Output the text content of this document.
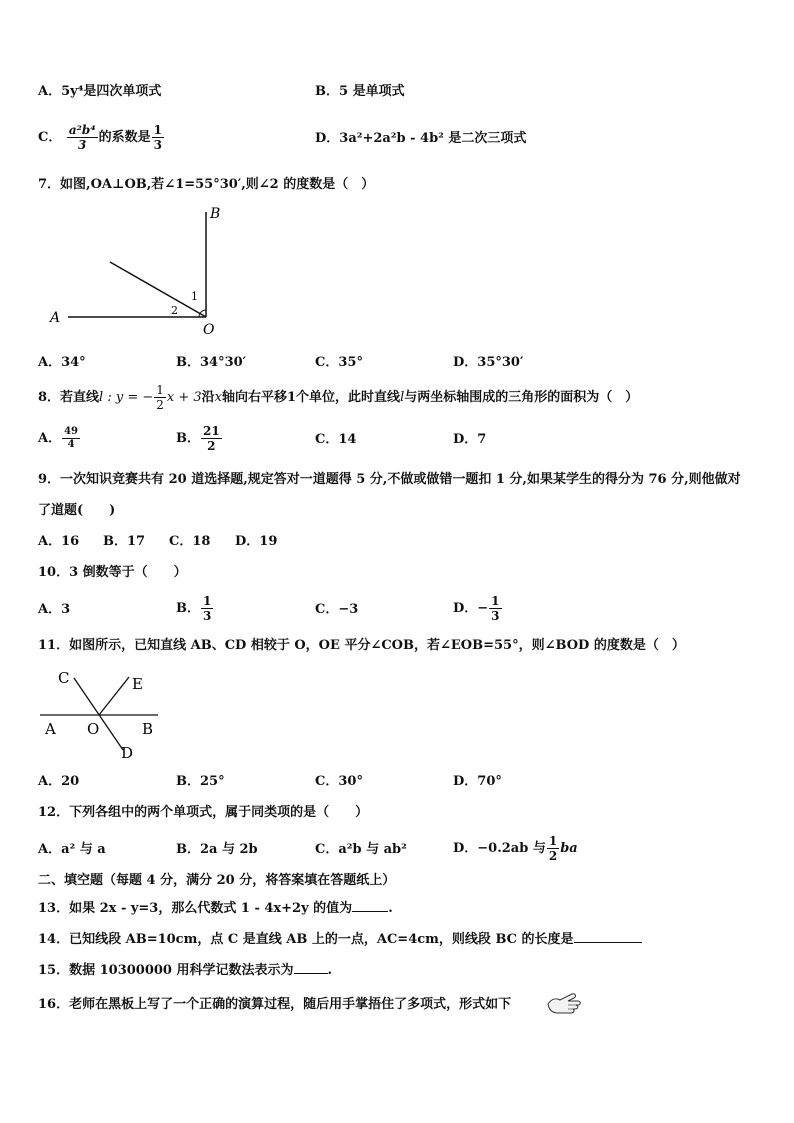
A．5y⁴是四次单项式	B．5 是单项式
C． $\frac{\text{a²b⁴}}{3}$ 的系数是 $\frac{1}{3}$	D．3a²+2a²b - 4b² 是二次三项式
7．如图,OA⊥OB,若∠1=55°30′,则∠2 的度数是（　）
B
A
O
1
2
A．34°	B．34°30′	C．35°	D．35°30′
8．若直线l : y = − $\frac{1}{2}$ x + 3沿x轴向右平移1个单位，此时直线l与两坐标轴围成的三角形的面积为（　）
A． $\frac{49}{4}$	B． $\frac{21}{2}$	C．14	D．7
9．一次知识竞赛共有 20 道选择题,规定答对一道题得 5 分,不做或做错一题扣 1 分,如果某学生的得分为 76 分,则他做对
了道题(　　)
A．16 B．17 C．18 D．19
10．3 倒数等于（　　）
A．3	B． $\frac{1}{3}$	C．−3	D．− $\frac{1}{3}$
11．如图所示，已知直线 AB、CD 相较于 O，OE 平分∠COB，若∠EOB=55°，则∠BOD 的度数是（　）
C	E
A O	B
D
A．20	B．25°	C．30°	D．70°
12．下列各组中的两个单项式，属于同类项的是（　　）
A．a² 与 a	B．2a 与 2b	C．a²b 与 ab²	D．−0.2ab 与 $\frac{1}{2}$ ba
二、填空题（每题 4 分，满分 20 分，将答案填在答题纸上）
13．如果 2x - y=3，那么代数式 1 - 4x+2y 的值为	.
14．已知线段 AB=10cm，点 C 是直线 AB 上的一点，AC=4cm，则线段 BC 的长度是
15．数据 10300000 用科学记数法表示为	.
16．老师在黑板上写了一个正确的演算过程，随后用手掌捂住了多项式，形式如下
